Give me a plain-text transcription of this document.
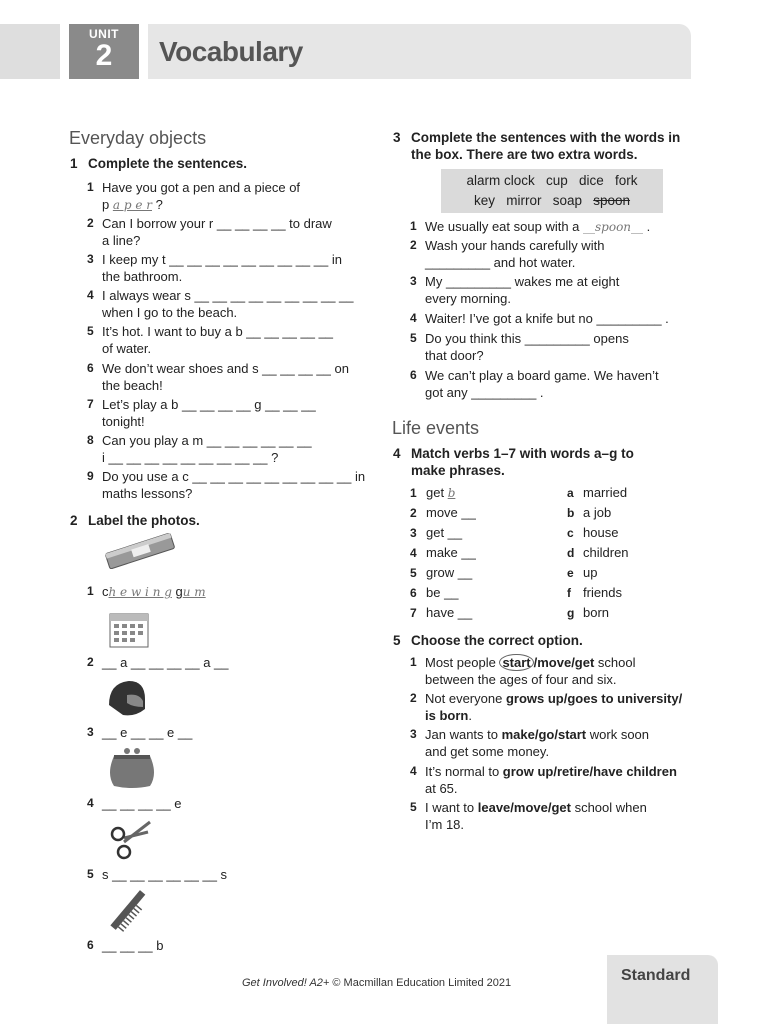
UNIT
2	Vocabulary
Everyday objects
1 Complete the sentences.
1 Have you got a pen and a piece of
p a p e r ?
2 Can I borrow your r __ __ __ __ to draw
a line?
3 I keep my t __ __ __ __ __ __ __ __ __ in
the bathroom.
4 I always wear s __ __ __ __ __ __ __ __ __
when I go to the beach.
5 It’s hot. I want to buy a b __ __ __ __ __
of water.
6 We don’t wear shoes and s __ __ __ __ on
the beach!
7 Let’s play a b __ __ __ __ g __ __ __
tonight!
8 Can you play a m __ __ __ __ __ __
i __ __ __ __ __ __ __ __ __ ?
9 Do you use a c __ __ __ __ __ __ __ __ __ in
maths lessons?
2 Label the photos.
1 ch e w i n g gu m
2 __ a __ __ __ __ a __
3 __ e __ __ e __
4 __ __ __ __ e
5 s __ __ __ __ __ __ s
6 __ __ __ b
3 Complete the sentences with the words in
the box. There are two extra words.
alarm clock   cup   dice   fork
key   mirror   soap   spoon
1 We usually eat soup with a __spoon__ .
2 Wash your hands carefully with
_________ and hot water.
3 My _________ wakes me at eight
every morning.
4 Waiter! I’ve got a knife but no _________ .
5 Do you think this _________ opens
that door?
6 We can’t play a board game. We haven’t
got any _________ .
Life events
4 Match verbs 1–7 with words a–g to
make phrases.
1 get b
2 move __
3 get __
4 make __
5 grow __
6 be __
7 have __
a married
b a job
c house
d children
e up
f friends
g born
5 Choose the correct option.
1 Most people start /move/get school
between the ages of four and six.
2 Not everyone grows up/goes to university/
is born.
3 Jan wants to make/go/start work soon
and get some money.
4 It’s normal to grow up/retire/have children
at 65.
5 I want to leave/move/get school when
I’m 18.
Get Involved! A2+ © Macmillan Education Limited 2021	Standard
